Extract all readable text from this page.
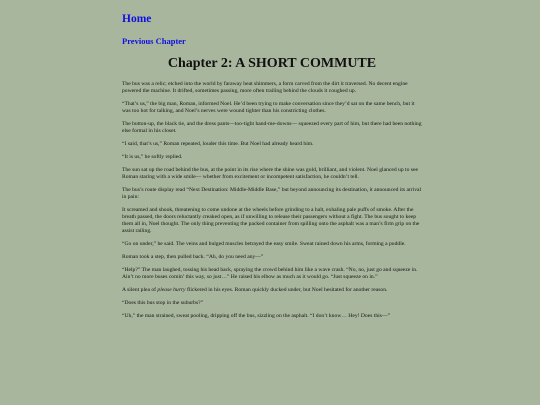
Home
Previous Chapter
Chapter 2: A SHORT COMMUTE

The bus was a relic; etched into the world by faraway heat shimmers, a form carved from the dirt it traversed. No decent engine powered the machine. It drifted, sometimes passing, more often trailing behind the clouds it coughed up.

“That’s us,” the big man, Roman, informed Noel. He’d been trying to make conversation since they’d sat on the same bench, but it was too hot for talking, and Noel’s nerves were wound tighter than his constricting clothes.

The button-up, the black tie, and the dress pants—too-tight hand-me-downs— squeezed every part of him, but there had been nothing else formal in his closet.

“I said, that’s us,” Roman repeated, louder this time. But Noel had already heard him.

“It is us,” he softly replied.

The sun sat up the road behind the bus, at the point in its rise where the shine was gold, brilliant, and violent. Noel glanced up to see Roman staring with a wide smile— whether from excitement or incompetent satisfaction, he couldn’t tell.

The bus’s route display read “Next Destination: Middle-Middle Base,” but beyond announcing its destination, it announced its arrival in pain:

It screamed and shook, threatening to come undone at the wheels before grinding to a halt, exhaling pale puffs of smoke. After the breath passed, the doors reluctantly creaked open, as if unwilling to release their passengers without a fight. The bus sought to keep them all in, Noel thought. The only thing preventing the packed container from spilling onto the asphalt was a man’s firm grip on the assist railing.

“Go on under,” he said. The veins and bulged muscles betrayed the easy smile. Sweat rained down his arms, forming a puddle.

Roman took a step, then pulled back. “Ah, do you need any—”

“Help?” The man laughed, tossing his head back, spraying the crowd behind him like a wave crash. “No, no, just go and squeeze in. Ain’t no more buses comin’ this way, so just…” He raised his elbow as much as it would go. “Just squeeze on in.”

A silent plea of please hurry flickered in his eyes. Roman quickly ducked under, but Noel hesitated for another reason.

“Does this bus stop in the suburbs?”

“Uh,” the man strained, sweat pooling, dripping off the bus, sizzling on the asphalt. “I don’t know… Hey! Does this—”
